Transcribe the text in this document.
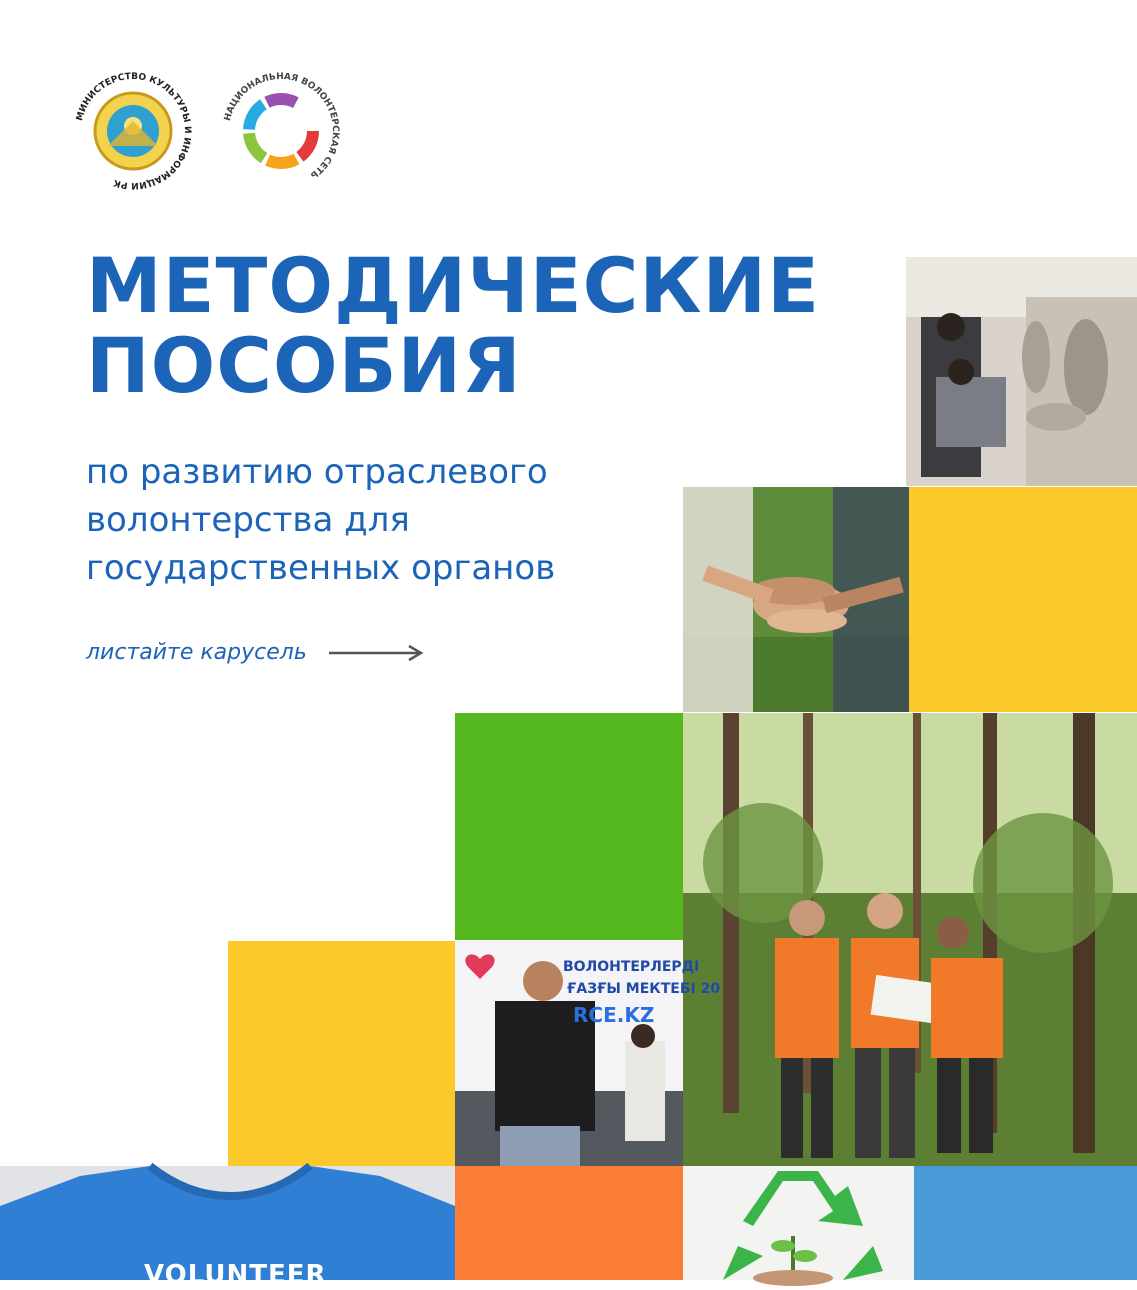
МИНИСТЕРСТВО КУЛЬТУРЫ И ИНФОРМАЦИИ РК
НАЦИОНАЛЬНАЯ ВОЛОНТЕРСКАЯ СЕТЬ
МЕТОДИЧЕСКИЕ
ПОСОБИЯ
по развитию отраслевого
волонтерства для
государственных органов
листайте карусель
ВОЛОНТЕРЛЕРДІ
ҒАЗҒЫ МЕКТЕБІ 20
RCE.KZ
VOLUNTEER
